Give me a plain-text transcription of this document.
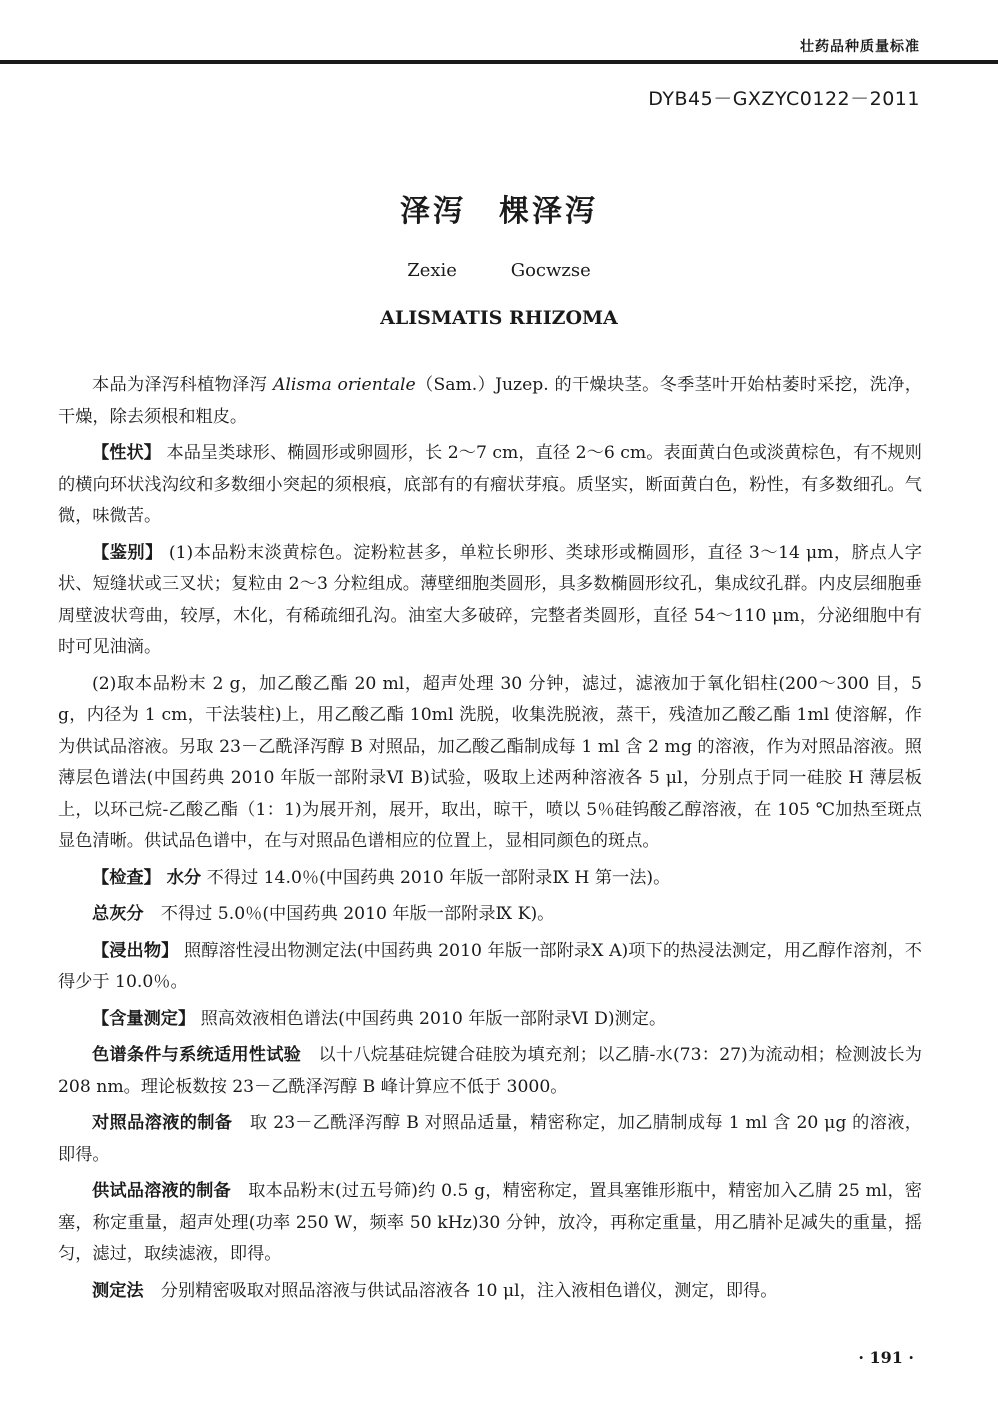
壮药品种质量标准
DYB45－GXZYC0122－2011
泽泻　棵泽泻
Zexie	Gocwzse
ALISMATIS RHIZOMA

本品为泽泻科植物泽泻 Alisma orientale（Sam.）Juzep. 的干燥块茎。冬季茎叶开始枯萎时采挖，洗净，干燥，除去须根和粗皮。

【性状】 本品呈类球形、椭圆形或卵圆形，长 2～7 cm，直径 2～6 cm。表面黄白色或淡黄棕色，有不规则的横向环状浅沟纹和多数细小突起的须根痕，底部有的有瘤状芽痕。质坚实，断面黄白色，粉性，有多数细孔。气微，味微苦。

【鉴别】 (1)本品粉末淡黄棕色。淀粉粒甚多，单粒长卵形、类球形或椭圆形，直径 3～14 μm，脐点人字状、短缝状或三叉状；复粒由 2～3 分粒组成。薄壁细胞类圆形，具多数椭圆形纹孔，集成纹孔群。内皮层细胞垂周壁波状弯曲，较厚，木化，有稀疏细孔沟。油室大多破碎，完整者类圆形，直径 54～110 μm，分泌细胞中有时可见油滴。

(2)取本品粉末 2 g，加乙酸乙酯 20 ml，超声处理 30 分钟，滤过，滤液加于氧化铝柱(200～300 目，5 g，内径为 1 cm，干法装柱)上，用乙酸乙酯 10ml 洗脱，收集洗脱液，蒸干，残渣加乙酸乙酯 1ml 使溶解，作为供试品溶液。另取 23－乙酰泽泻醇 B 对照品，加乙酸乙酯制成每 1 ml 含 2 mg 的溶液，作为对照品溶液。照薄层色谱法(中国药典 2010 年版一部附录Ⅵ B)试验，吸取上述两种溶液各 5 μl，分别点于同一硅胶 H 薄层板上，以环己烷-乙酸乙酯（1：1)为展开剂，展开，取出，晾干，喷以 5％硅钨酸乙醇溶液，在 105 ℃加热至斑点显色清晰。供试品色谱中，在与对照品色谱相应的位置上，显相同颜色的斑点。

【检查】 水分 不得过 14.0％(中国药典 2010 年版一部附录Ⅸ H 第一法)。

总灰分　不得过 5.0％(中国药典 2010 年版一部附录Ⅸ K)。

【浸出物】 照醇溶性浸出物测定法(中国药典 2010 年版一部附录Ⅹ A)项下的热浸法测定，用乙醇作溶剂，不得少于 10.0％。

【含量测定】 照高效液相色谱法(中国药典 2010 年版一部附录Ⅵ D)测定。

色谱条件与系统适用性试验　以十八烷基硅烷键合硅胶为填充剂；以乙腈-水(73：27)为流动相；检测波长为 208 nm。理论板数按 23－乙酰泽泻醇 B 峰计算应不低于 3000。

对照品溶液的制备　取 23－乙酰泽泻醇 B 对照品适量，精密称定，加乙腈制成每 1 ml 含 20 μg 的溶液，即得。

供试品溶液的制备　取本品粉末(过五号筛)约 0.5 g，精密称定，置具塞锥形瓶中，精密加入乙腈 25 ml，密塞，称定重量，超声处理(功率 250 W，频率 50 kHz)30 分钟，放冷，再称定重量，用乙腈补足减失的重量，摇匀，滤过，取续滤液，即得。

测定法　分别精密吸取对照品溶液与供试品溶液各 10 μl，注入液相色谱仪，测定，即得。

· 191 ·
